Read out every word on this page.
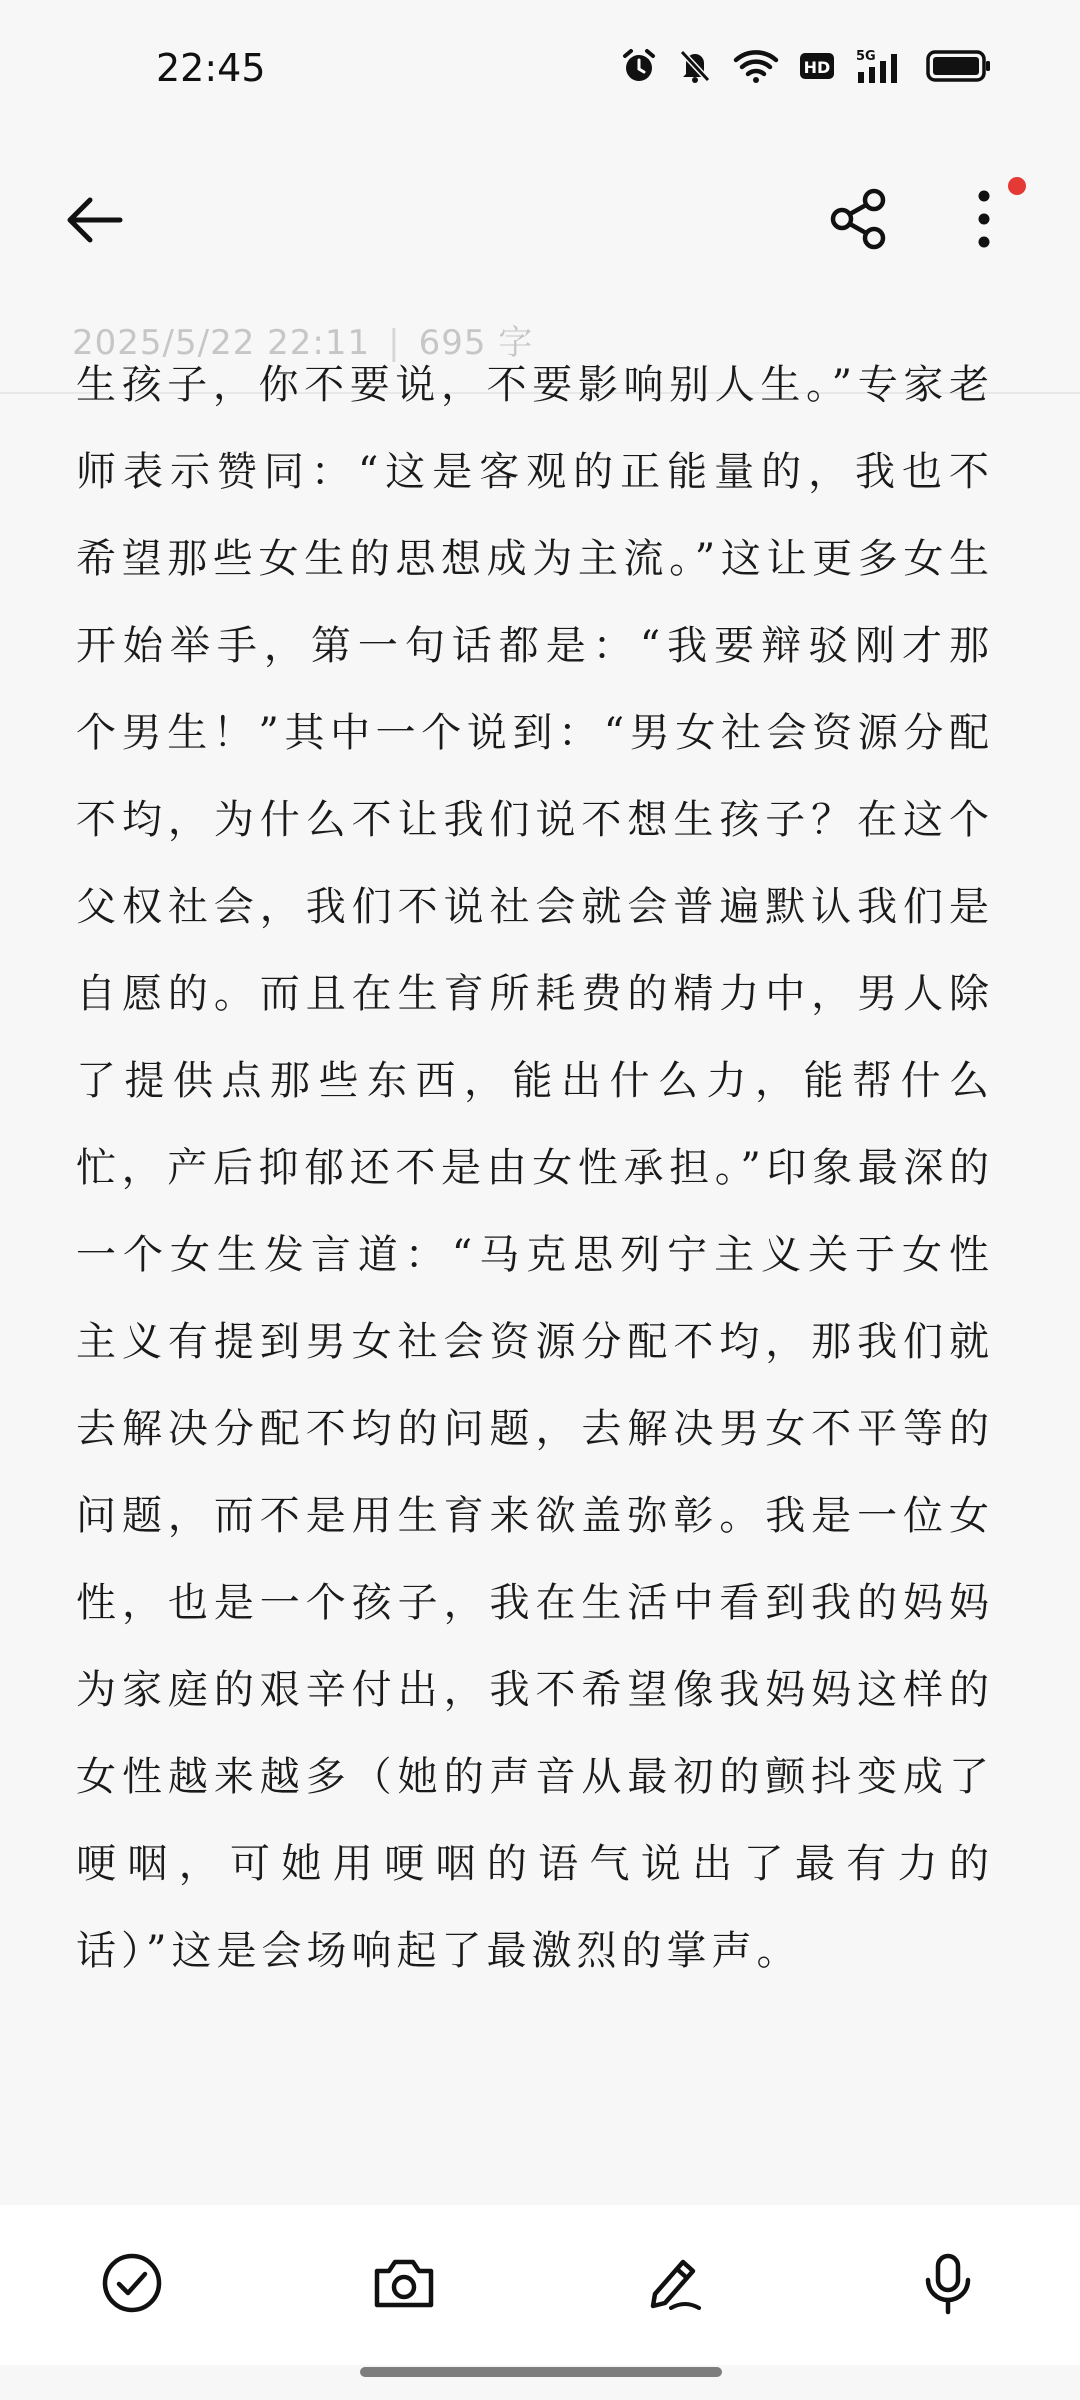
22:45	HD
5G
2025/5/22 22:11 | 695 字

生孩子，你不要说，不要影响别人生。”专家老师表示赞同：“这是客观的正能量的，我也不希望那些女生的思想成为主流。”这让更多女生开始举手，第一句话都是：“我要辩驳刚才那个男生！”其中一个说到：“男女社会资源分配不均，为什么不让我们说不想生孩子？在这个父权社会，我们不说社会就会普遍默认我们是自愿的。而且在生育所耗费的精力中，男人除了提供点那些东西，能出什么力，能帮什么忙，产后抑郁还不是由女性承担。”印象最深的一个女生发言道：“马克思列宁主义关于女性主义有提到男女社会资源分配不均，那我们就去解决分配不均的问题，去解决男女不平等的问题，而不是用生育来欲盖弥彰。我是一位女性，也是一个孩子，我在生活中看到我的妈妈为家庭的艰辛付出，我不希望像我妈妈这样的女性越来越多（她的声音从最初的颤抖变成了哽咽，可她用哽咽的语气说出了最有力的话）”这是会场响起了最激烈的掌声。
